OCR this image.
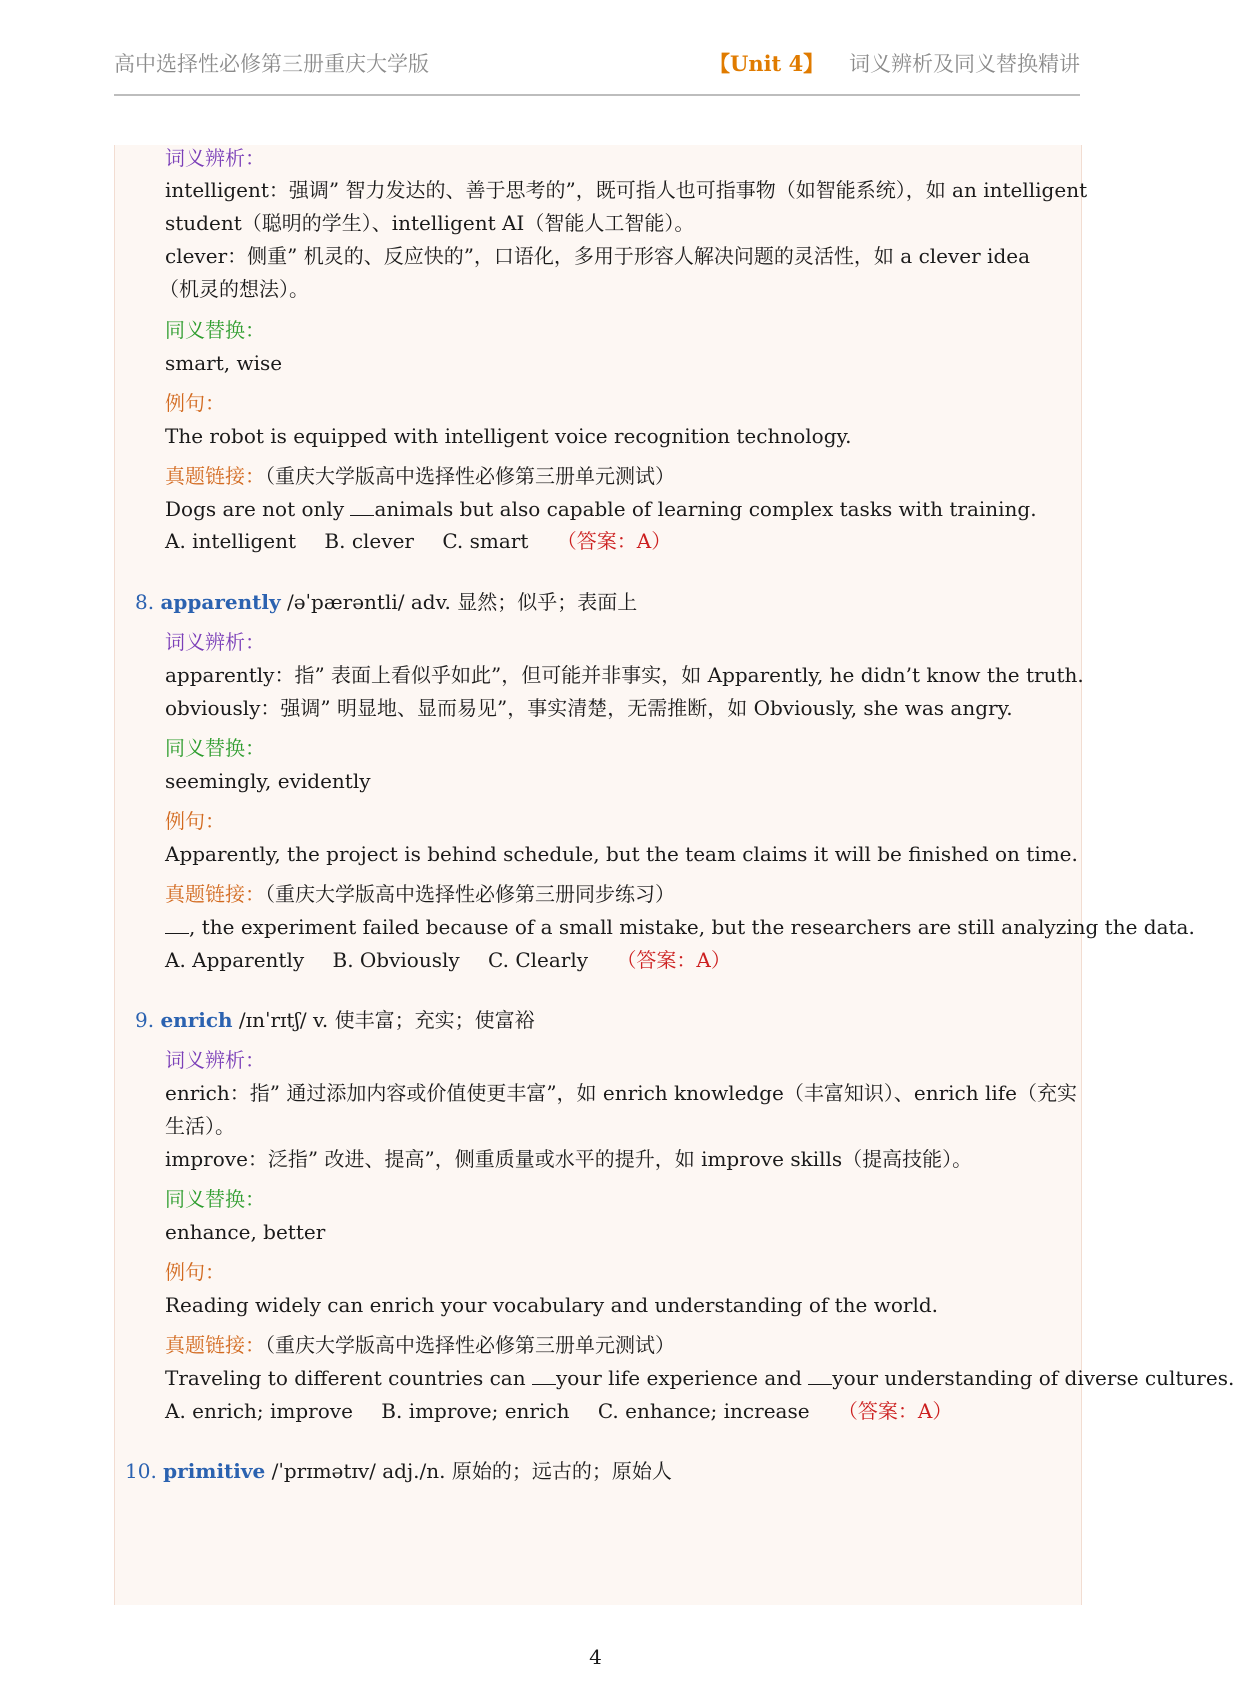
高中选择性必修第三册重庆大学版	【Unit 4】 词义辨析及同义替换精讲
词义辨析：
intelligent：强调” 智力发达的、善于思考的”，既可指人也可指事物（如智能系统），如 an intelligent
student（聪明的学生）、intelligent AI（智能人工智能）。
clever：侧重” 机灵的、反应快的”，口语化，多用于形容人解决问题的灵活性，如 a clever idea
（机灵的想法）。
同义替换：
smart, wise
例句：
The robot is equipped with intelligent voice recognition technology.
真题链接：（重庆大学版高中选择性必修第三册单元测试）
Dogs are not only animals but also capable of learning complex tasks with training.
A. intelligent B. clever C. smart （答案：A）
8. apparently /əˈpærəntli/ adv. 显然；似乎；表面上
词义辨析：
apparently：指” 表面上看似乎如此”，但可能并非事实，如 Apparently, he didn’t know the truth.
obviously：强调” 明显地、显而易见”，事实清楚，无需推断，如 Obviously, she was angry.
同义替换：
seemingly, evidently
例句：
Apparently, the project is behind schedule, but the team claims it will be finished on time.
真题链接：（重庆大学版高中选择性必修第三册同步练习）
, the experiment failed because of a small mistake, but the researchers are still analyzing the data.
A. Apparently B. Obviously C. Clearly （答案：A）
9. enrich /ɪnˈrɪtʃ/ v. 使丰富；充实；使富裕
词义辨析：
enrich：指” 通过添加内容或价值使更丰富”，如 enrich knowledge（丰富知识）、enrich life（充实
生活）。
improve：泛指” 改进、提高”，侧重质量或水平的提升，如 improve skills（提高技能）。
同义替换：
enhance, better
例句：
Reading widely can enrich your vocabulary and understanding of the world.
真题链接：（重庆大学版高中选择性必修第三册单元测试）
Traveling to different countries can your life experience and your understanding of diverse cultures.
A. enrich; improve B. improve; enrich C. enhance; increase （答案：A）
10. primitive /ˈprɪmətɪv/ adj./n. 原始的；远古的；原始人
4
